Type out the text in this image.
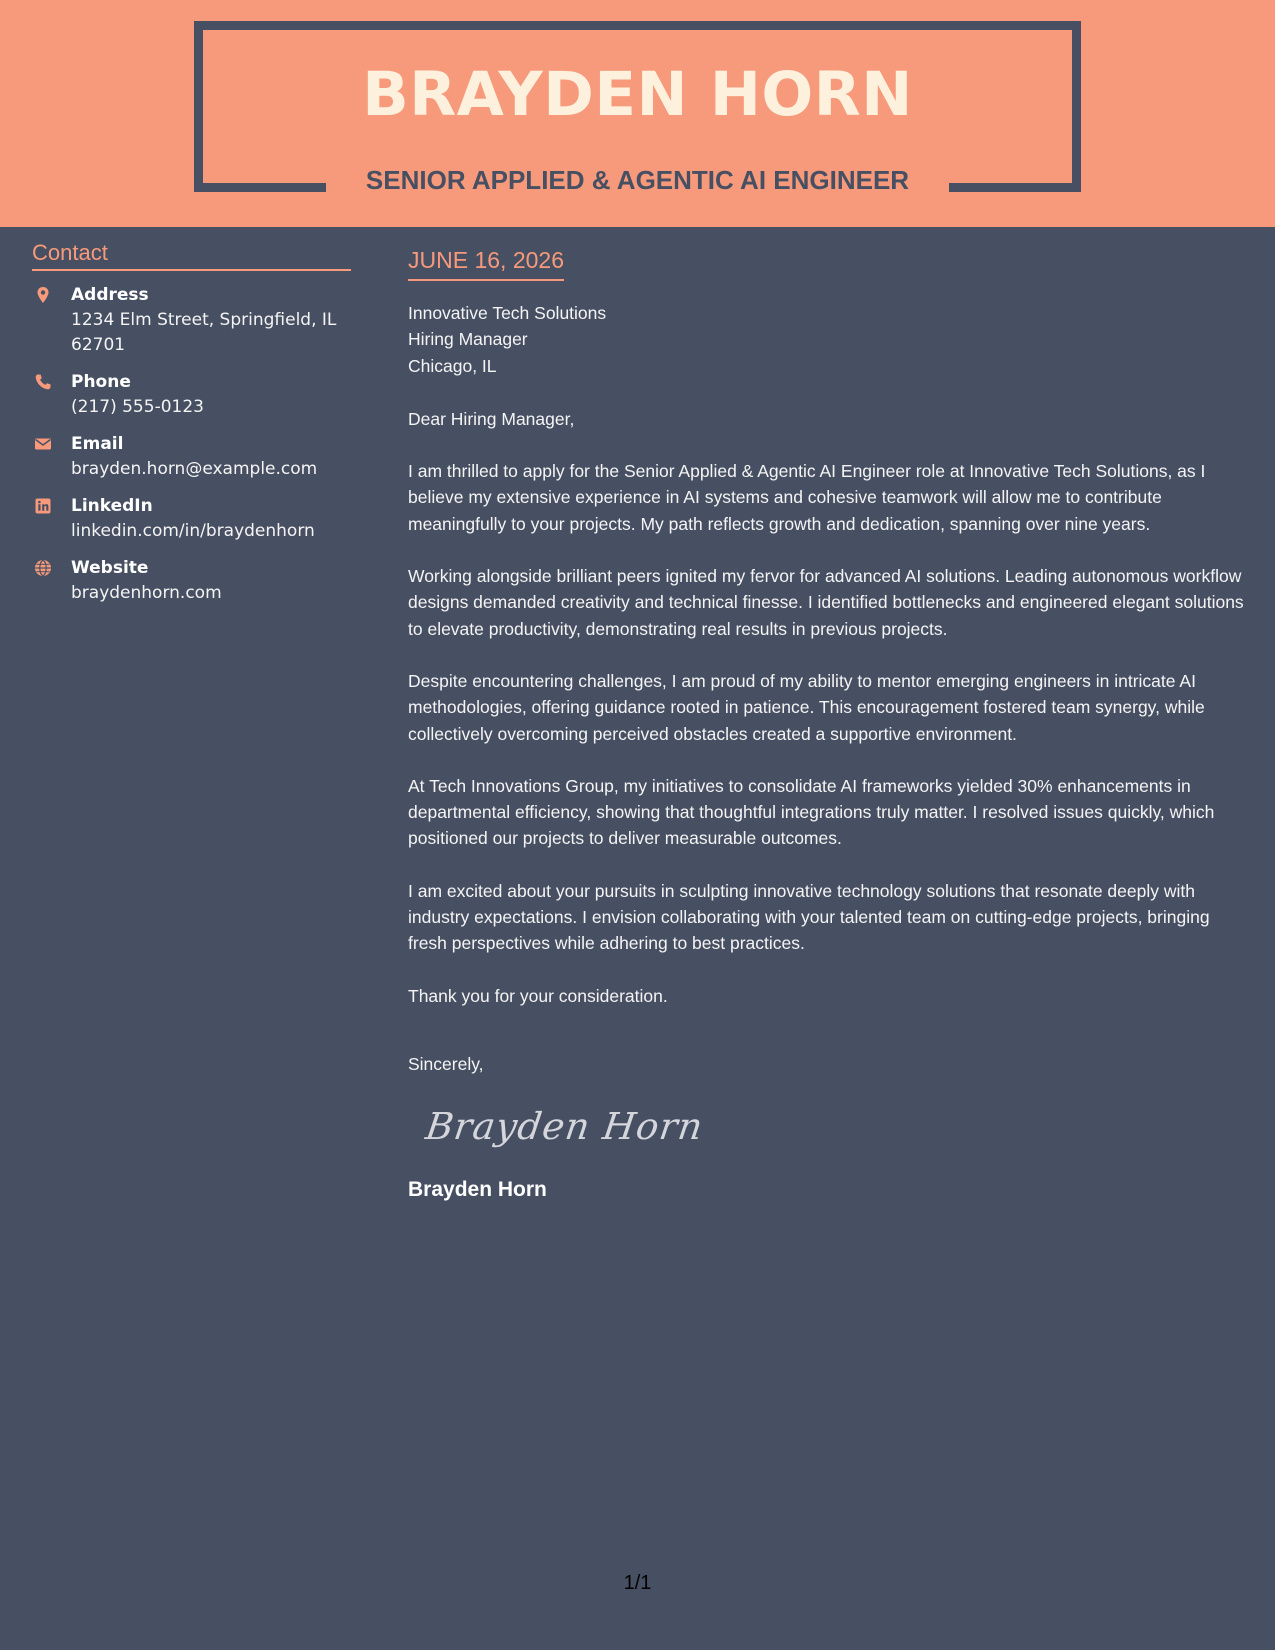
BRAYDEN HORN
SENIOR APPLIED & AGENTIC AI ENGINEER
Contact
Address
1234 Elm Street, Springfield, IL 62701
Phone
(217) 555-0123
Email
brayden.horn@example.com
LinkedIn
linkedin.com/in/braydenhorn
Website
braydenhorn.com
JUNE 16, 2026
Innovative Tech Solutions
Hiring Manager
Chicago, IL
Dear Hiring Manager,
I am thrilled to apply for the Senior Applied & Agentic AI Engineer role at Innovative Tech Solutions, as I believe my extensive experience in AI systems and cohesive teamwork will allow me to contribute meaningfully to your projects. My path reflects growth and dedication, spanning over nine years.
Working alongside brilliant peers ignited my fervor for advanced AI solutions. Leading autonomous workflow designs demanded creativity and technical finesse. I identified bottlenecks and engineered elegant solutions to elevate productivity, demonstrating real results in previous projects.
Despite encountering challenges, I am proud of my ability to mentor emerging engineers in intricate AI methodologies, offering guidance rooted in patience. This encouragement fostered team synergy, while collectively overcoming perceived obstacles created a supportive environment.
At Tech Innovations Group, my initiatives to consolidate AI frameworks yielded 30% enhancements in departmental efficiency, showing that thoughtful integrations truly matter. I resolved issues quickly, which positioned our projects to deliver measurable outcomes.
I am excited about your pursuits in sculpting innovative technology solutions that resonate deeply with industry expectations. I envision collaborating with your talented team on cutting-edge projects, bringing fresh perspectives while adhering to best practices.
Thank you for your consideration.
Sincerely,
Brayden Horn
Brayden Horn
1/1
